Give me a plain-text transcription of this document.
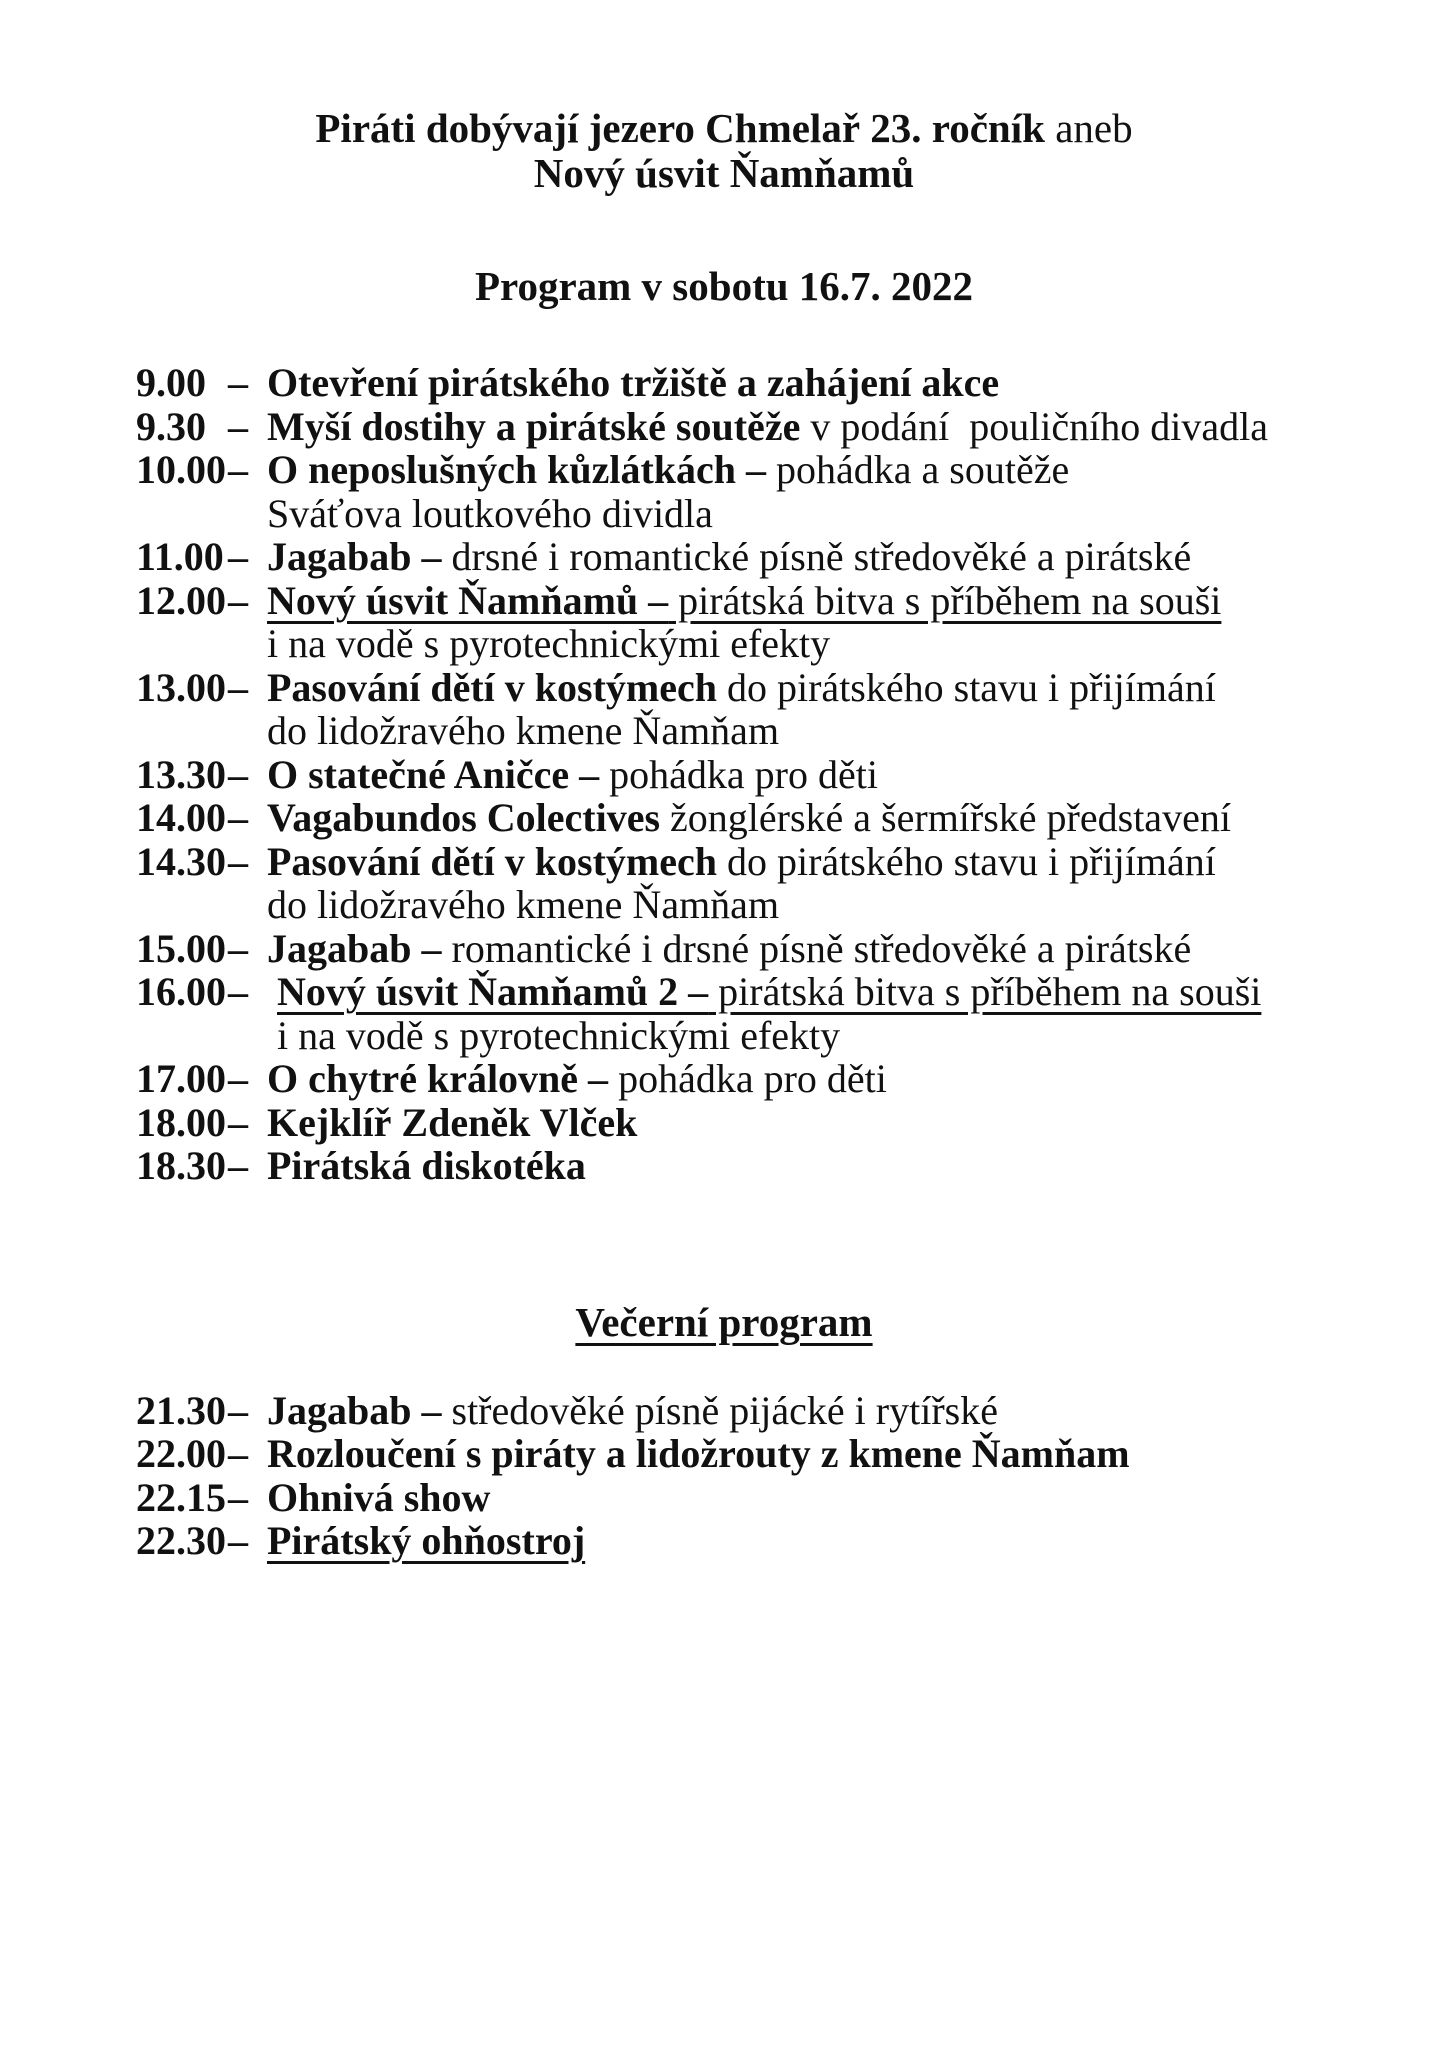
Piráti dobývají jezero Chmelař 23. ročník aneb
Nový úsvit Ňamňamů
Program v sobotu 16.7. 2022
9.00 – Otevření pirátského tržiště a zahájení akce
9.30 – Myší dostihy a pirátské soutěže v podání  pouličního divadla
10.00– O neposlušných kůzlátkách – pohádka a soutěže
Sváťova loutkového dividla
11.00 – Jagabab – drsné i romantické písně středověké a pirátské
12.00– Nový úsvit Ňamňamů – pirátská bitva s příběhem na souši
i na vodě s pyrotechnickými efekty
13.00– Pasování dětí v kostýmech do pirátského stavu i přijímání
do lidožravého kmene Ňamňam
13.30– O statečné Aničce – pohádka pro děti
14.00– Vagabundos Colectives žonglérské a šermířské představení
14.30– Pasování dětí v kostýmech do pirátského stavu i přijímání
do lidožravého kmene Ňamňam
15.00– Jagabab – romantické i drsné písně středověké a pirátské
16.00– Nový úsvit Ňamňamů 2 – pirátská bitva s příběhem na souši
i na vodě s pyrotechnickými efekty
17.00– O chytré královně – pohádka pro děti
18.00– Kejklíř Zdeněk Vlček
18.30– Pirátská diskotéka
Večerní program
21.30– Jagabab – středověké písně pijácké i rytířské
22.00– Rozloučení s piráty a lidožrouty z kmene Ňamňam
22.15– Ohnivá show
22.30– Pirátský ohňostroj
